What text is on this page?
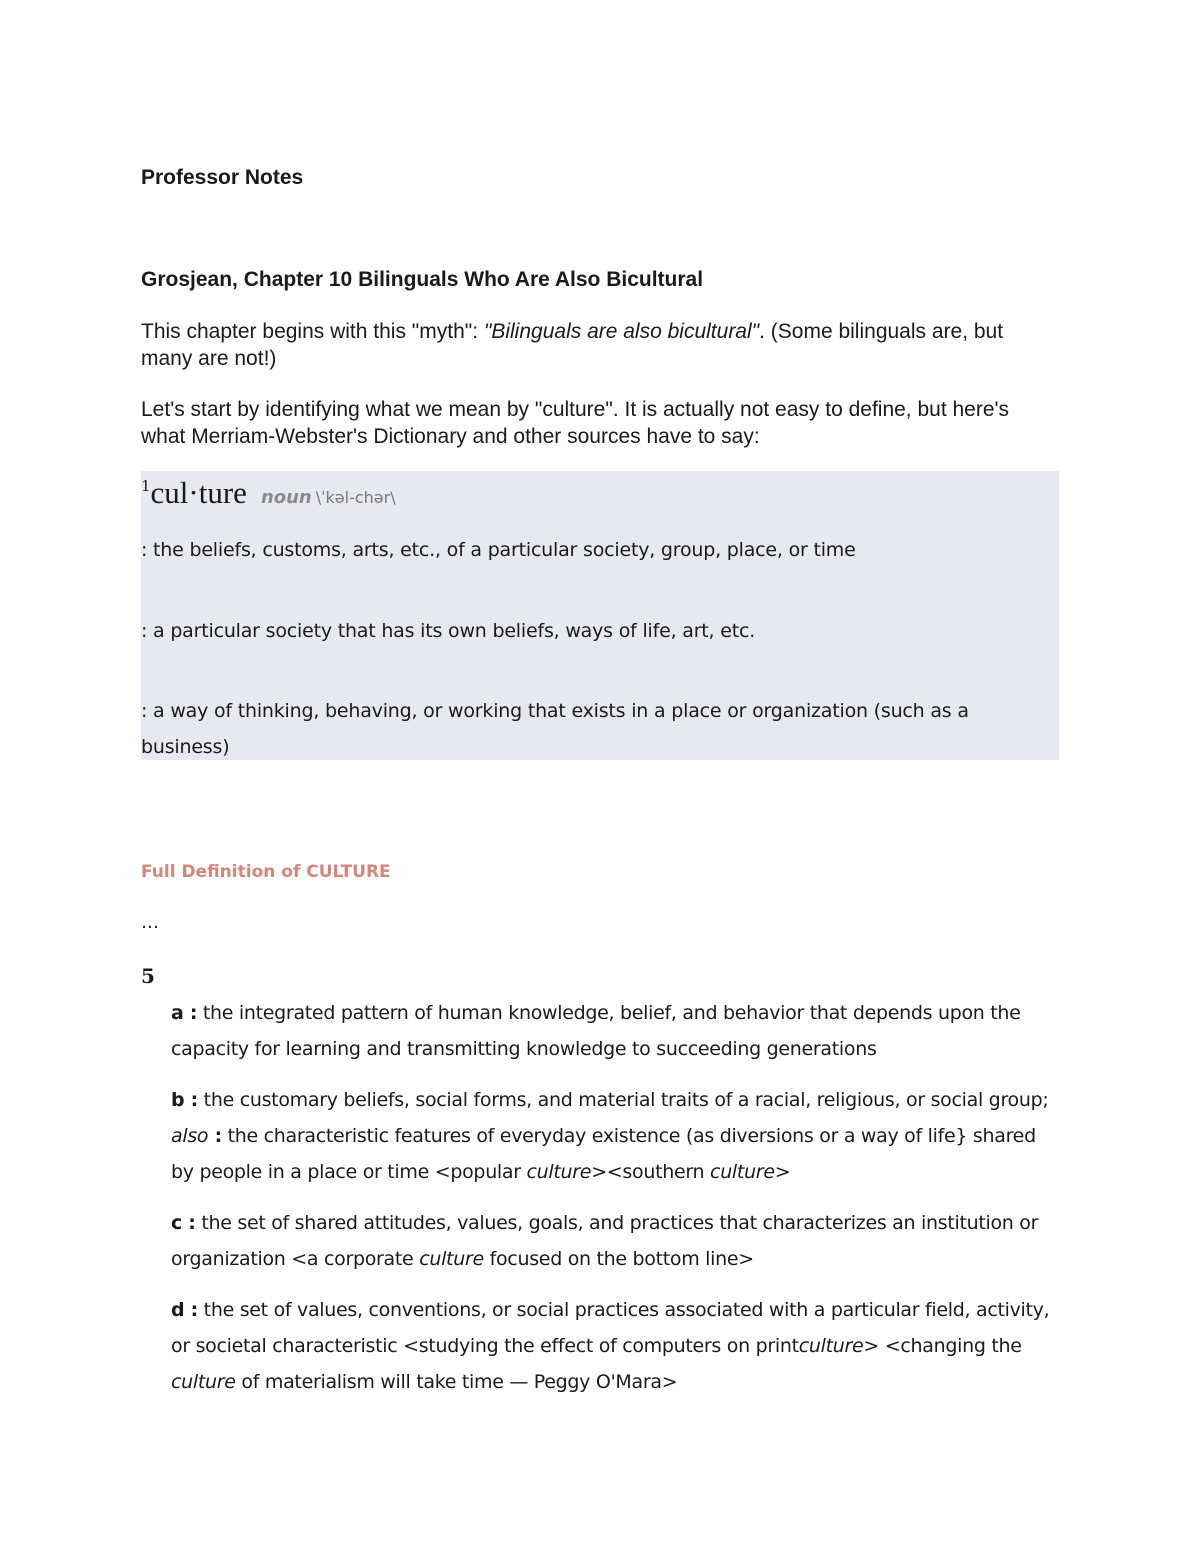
Professor Notes

Grosjean, Chapter 10 Bilinguals Who Are Also Bicultural

This chapter begins with this "myth": "Bilinguals are also bicultural". (Some bilinguals are, but many are not!)

Let's start by identifying what we mean by "culture". It is actually not easy to define, but here's what Merriam-Webster's Dictionary and other sources have to say:

1cul·ture noun \ˈkəl-chər\

: the beliefs, customs, arts, etc., of a particular society, group, place, or time

: a particular society that has its own beliefs, ways of life, art, etc.

: a way of thinking, behaving, or working that exists in a place or organization (such as a business)

Full Definition of CULTURE

…

5

a : the integrated pattern of human knowledge, belief, and behavior that depends upon the capacity for learning and transmitting knowledge to succeeding generations

b : the customary beliefs, social forms, and material traits of a racial, religious, or social group; also : the characteristic features of everyday existence (as diversions or a way of life} shared by people in a place or time <popular culture><southern culture>

c : the set of shared attitudes, values, goals, and practices that characterizes an institution or organization <a corporate culture focused on the bottom line>

d : the set of values, conventions, or social practices associated with a particular field, activity, or societal characteristic <studying the effect of computers on printculture> <changing the culture of materialism will take time — Peggy O'Mara>
